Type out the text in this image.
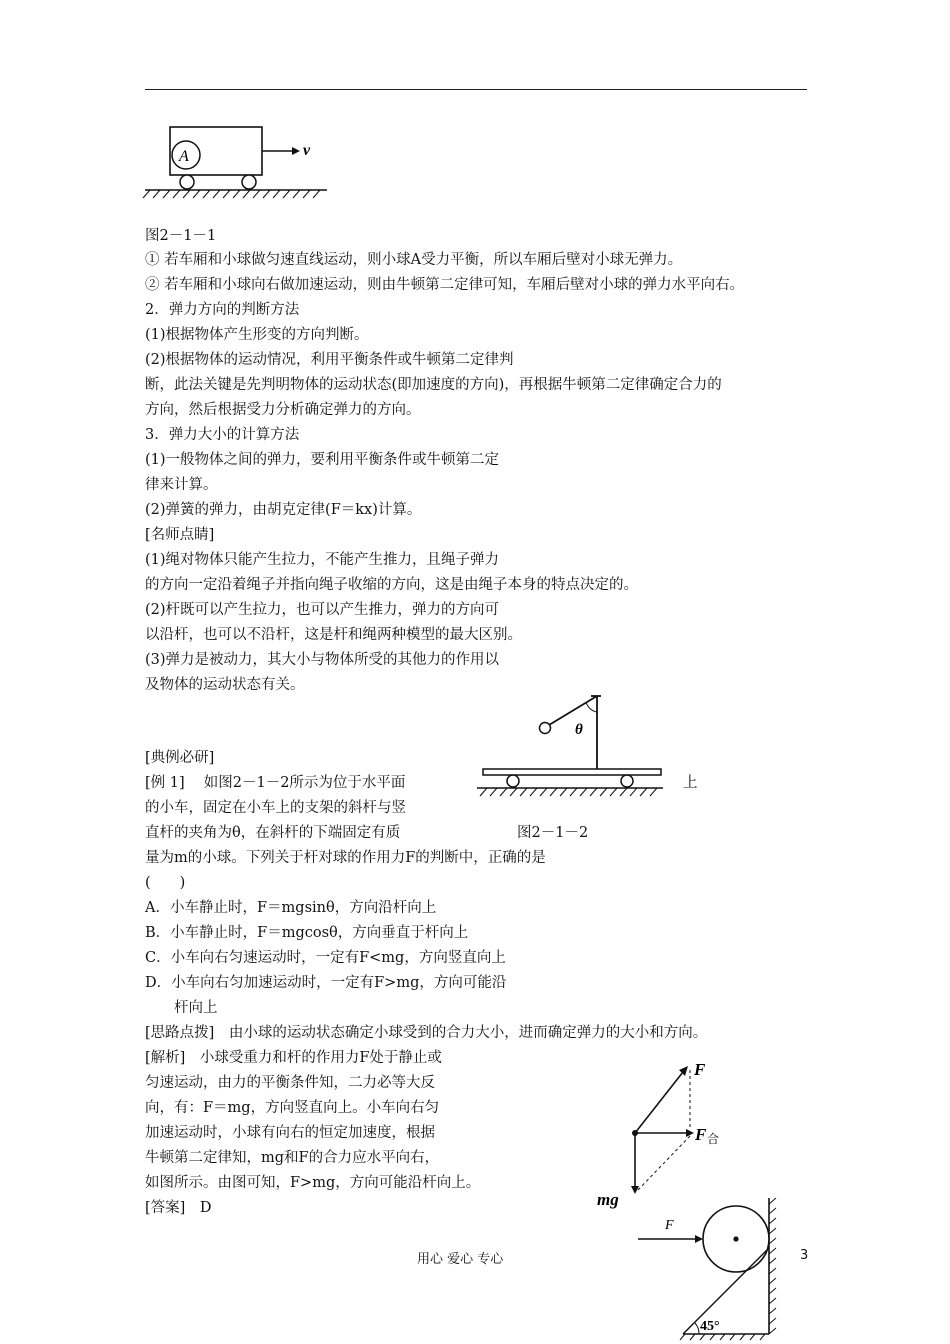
A	v
图2－1－1
① 若车厢和小球做匀速直线运动，则小球A受力平衡，所以车厢后壁对小球无弹力。
② 若车厢和小球向右做加速运动，则由牛顿第二定律可知，车厢后壁对小球的弹力水平向右。
2．弹力方向的判断方法
(1)根据物体产生形变的方向判断。
(2)根据物体的运动情况，利用平衡条件或牛顿第二定律判
断，此法关键是先判明物体的运动状态(即加速度的方向)，再根据牛顿第二定律确定合力的
方向，然后根据受力分析确定弹力的方向。
3．弹力大小的计算方法
(1)一般物体之间的弹力，要利用平衡条件或牛顿第二定
律来计算。
(2)弹簧的弹力，由胡克定律(F＝kx)计算。
[名师点睛]
(1)绳对物体只能产生拉力，不能产生推力，且绳子弹力
的方向一定沿着绳子并指向绳子收缩的方向，这是由绳子本身的特点决定的。
(2)杆既可以产生拉力，也可以产生推力，弹力的方向可
以沿杆，也可以不沿杆，这是杆和绳两种模型的最大区别。
(3)弹力是被动力，其大小与物体所受的其他力的作用以
及物体的运动状态有关。
θ
[典例必研]
[例 1]　 如图2－1－2所示为位于水平面	上
的小车，固定在小车上的支架的斜杆与竖
直杆的夹角为θ，在斜杆的下端固定有质	图2－1－2
量为m的小球。下列关于杆对球的作用力F的判断中，正确的是
(　　)
A．小车静止时，F＝mgsinθ，方向沿杆向上
B．小车静止时，F＝mgcosθ，方向垂直于杆向上
C．小车向右匀速运动时，一定有F<mg，方向竖直向上
D．小车向右匀加速运动时，一定有F>mg，方向可能沿
杆向上
[思路点拨]　由小球的运动状态确定小球受到的合力大小，进而确定弹力的大小和方向。
[解析]　小球受重力和杆的作用力F处于静止或
匀速运动，由力的平衡条件知，二力必等大反
向，有：F＝mg，方向竖直向上。小车向右匀
加速运动时，小球有向右的恒定加速度，根据
牛顿第二定律知，mg和F的合力应水平向右，
如图所示。由图可知，F>mg，方向可能沿杆向上。
[答案]　D
F
F 合
mg
F
45°
用心 爱心 专心	3
